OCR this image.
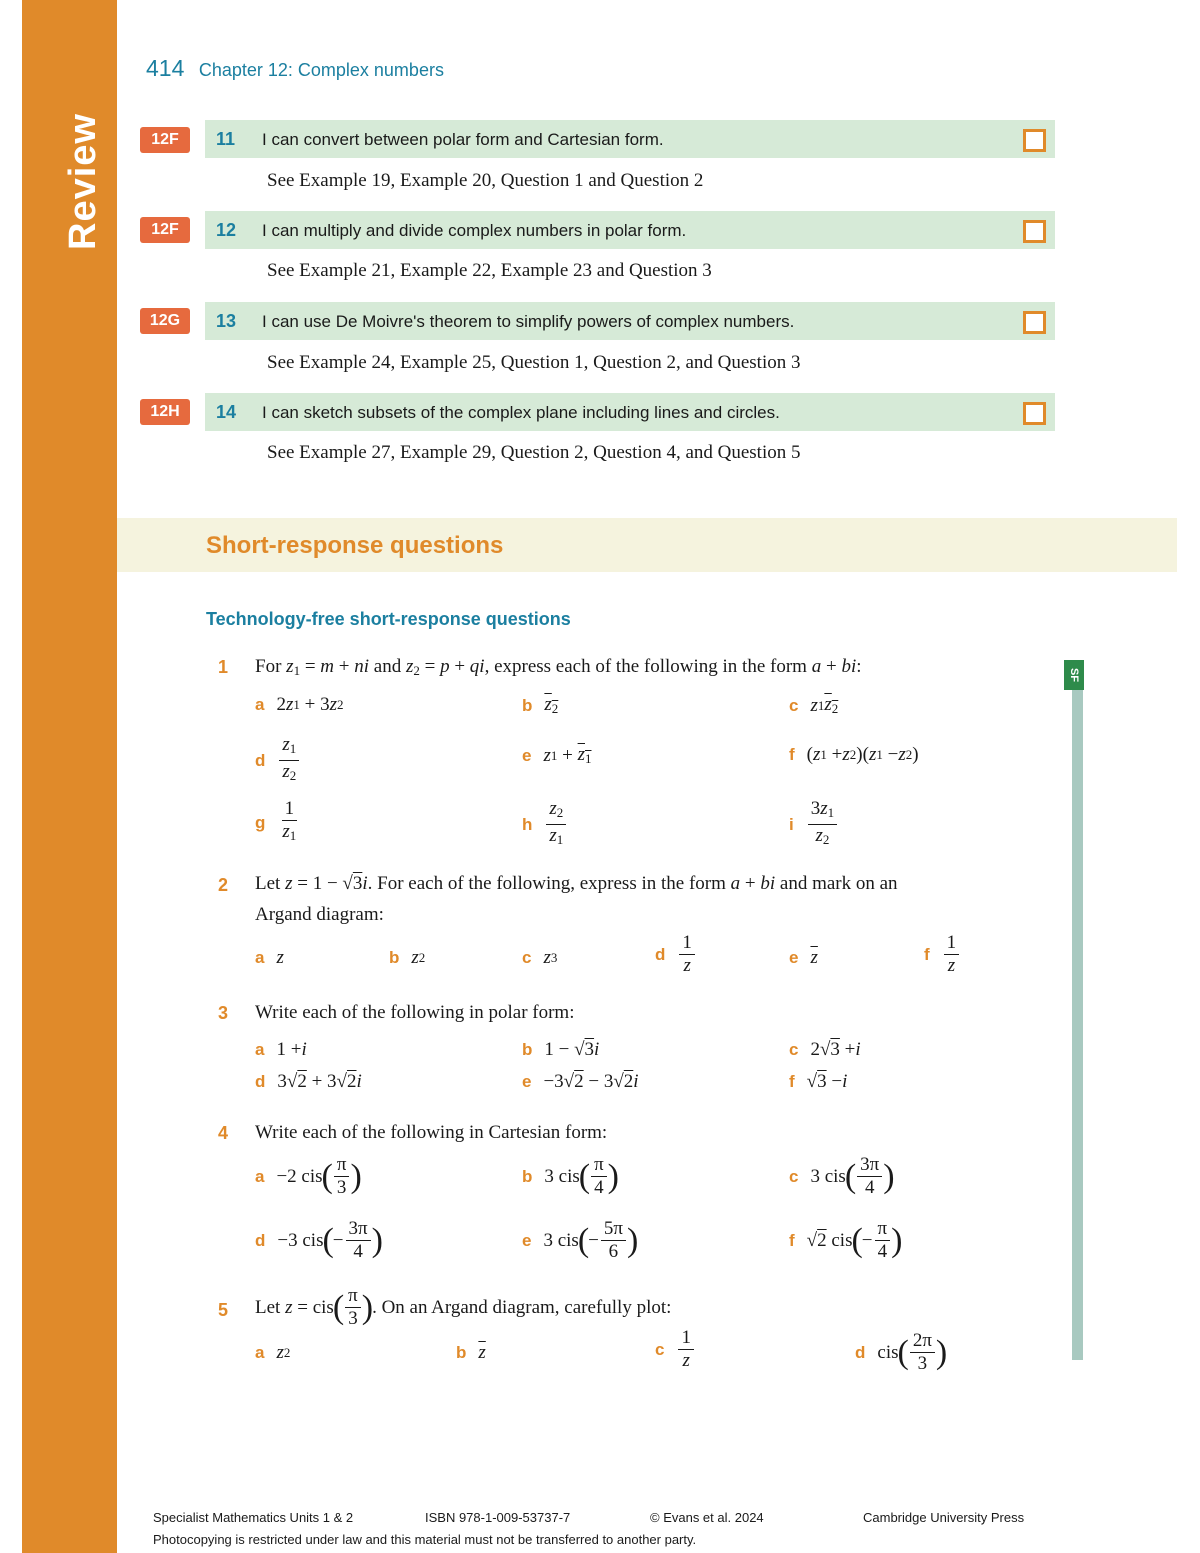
Review
414 Chapter 12: Complex numbers
12F	11 I can convert between polar form and Cartesian form.
See Example 19, Example 20, Question 1 and Question 2
12F	12 I can multiply and divide complex numbers in polar form.
See Example 21, Example 22, Example 23 and Question 3
12G	13 I can use De Moivre's theorem to simplify powers of complex numbers.
See Example 24, Example 25, Question 1, Question 2, and Question 3
12H	14 I can sketch subsets of the complex plane including lines and circles.
See Example 27, Example 29, Question 2, Question 4, and Question 5
Short-response questions
Technology-free short-response questions
SF
1 For $z_1 = m$ + ni and $z_2 = p$ + qi, express each of the following in the form a + bi:
a 2 z 1 + 3 z 2	b $z_2$	c z 1 $z_2$
d $\frac{z_1}{z_2}$	e z $1 + z_1$	f ( z 1 + z 2 )( z 1 − z 2 )
g $\frac{1}{z_1}$	h $\frac{z_2}{z_1}$	i $\frac{3z_1}{z_2}$
2 Let z = 1 − √3i. For each of the following, express in the form a + bi and mark on an
Argand diagram:
a z	b z 2	c z 3	d $\frac{1}{z}$	e $\overline{z}$	f $\frac{1}{z}$
3 Write each of the following in polar form:
a 1 + i	b 1 − √ 3 i	c 2√ 3 + i
d 3√ 2 + 3√ 2 i	e −3√ 2 − 3√ 2 i	f √ 3 − i
4 Write each of the following in Cartesian form:
a −2 cis ( $\frac{\pi}{3}$ )	b 3 cis ( $\frac{\pi}{4}$ )	c 3 cis ( $\frac{3\pi}{4}$ )
d −3 cis ( − $\frac{3\pi}{4}$ )	e 3 cis ( − $\frac{5\pi}{6}$ )	f √ 2 cis ( − $\frac{\pi}{4}$ )
5 Let z = cis ( $\frac{\pi}{3}$ ) . On an Argand diagram, carefully plot:
a z 2	b $\overline{z}$	c $\frac{1}{z}$	d cis ( $\frac{2\pi}{3}$ )
Specialist Mathematics Units 1 & 2	ISBN 978-1-009-53737-7	© Evans et al. 2024	Cambridge University Press
Photocopying is restricted under law and this material must not be transferred to another party.
